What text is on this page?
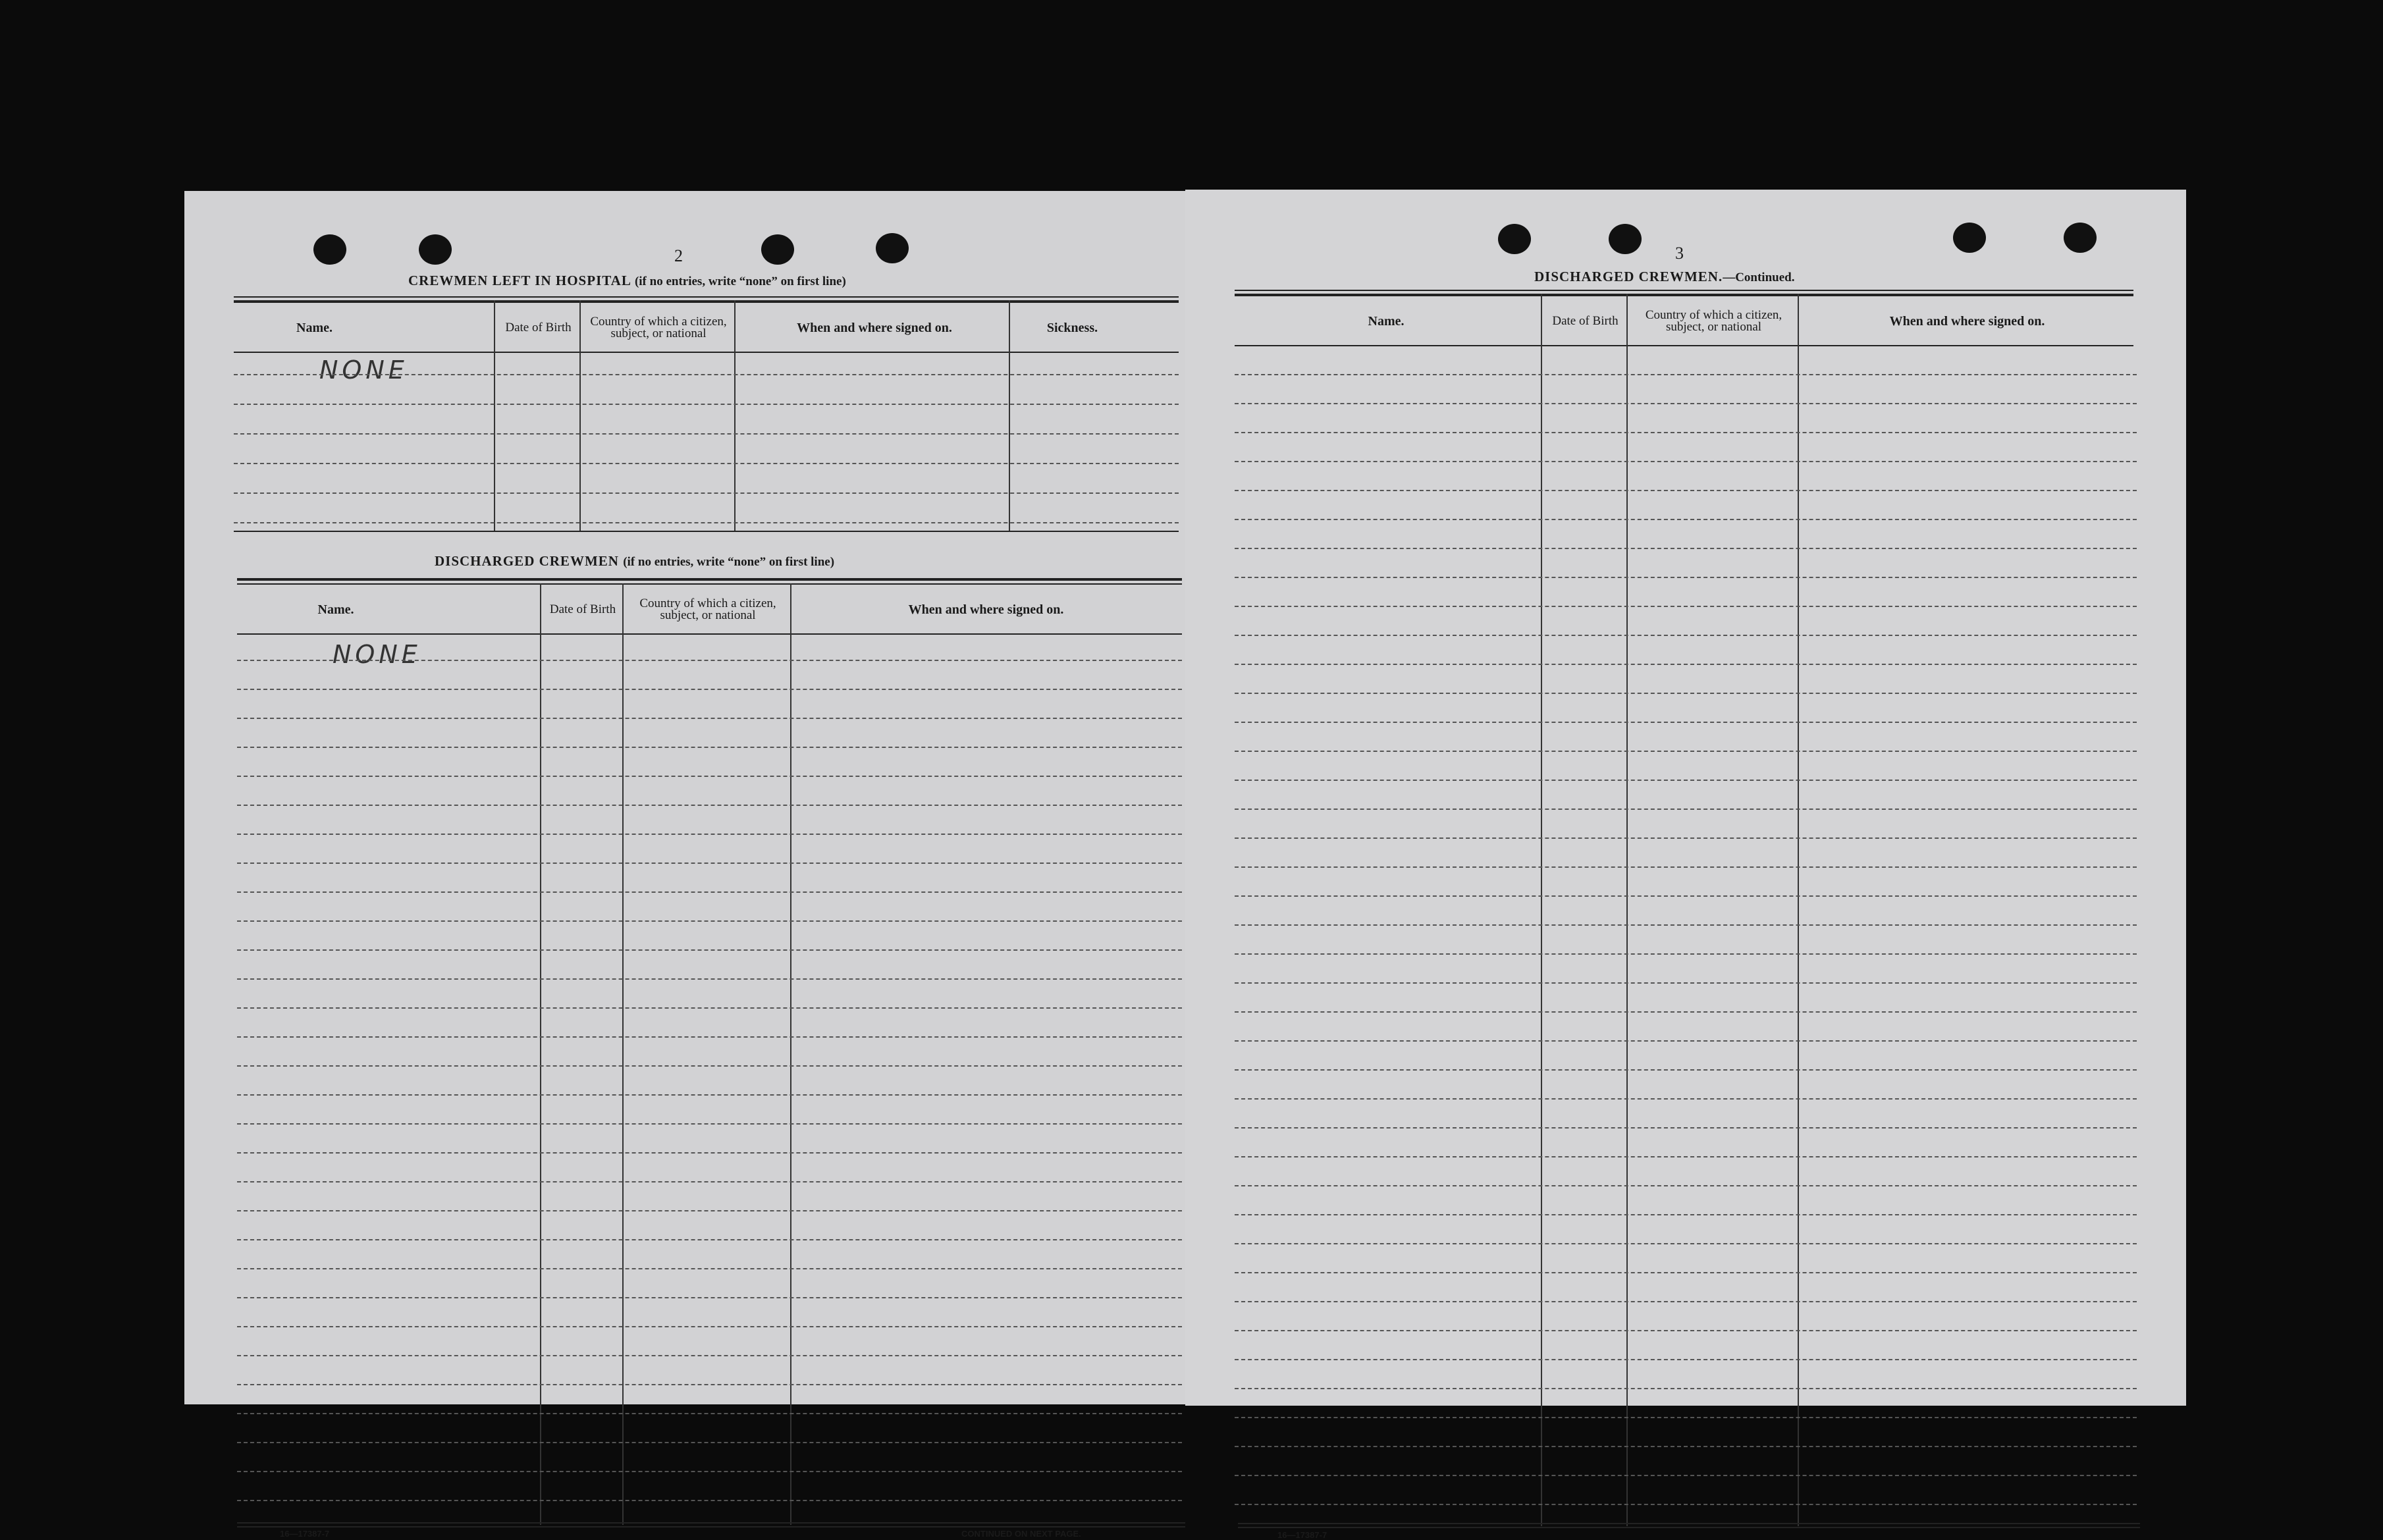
2
CREWMEN LEFT IN HOSPITAL (if no entries, write “none” on first line)
Name.	Date of Birth	Country of which a citizen, subject, or national	When and where signed on.	Sickness.
NONE
DISCHARGED CREWMEN (if no entries, write “none” on first line)
Name.	Date of Birth	Country of which a citizen, subject, or national	When and where signed on.
NONE
16—17387-7	CONTINUED ON NEXT PAGE.
3
DISCHARGED CREWMEN.—Continued.
Name.	Date of Birth	Country of which a citizen, subject, or national	When and where signed on.
16—17387-7
